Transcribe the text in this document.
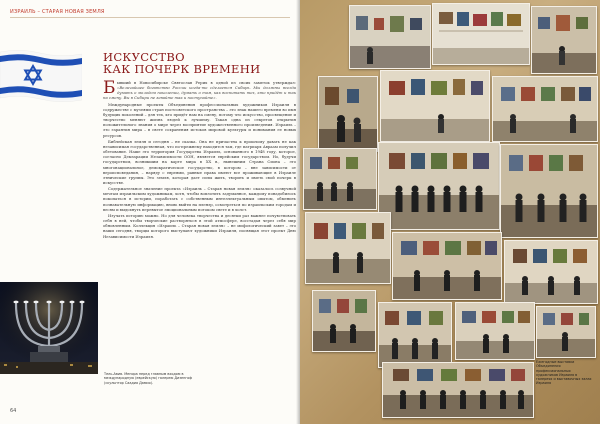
ИЗРАИЛЬ – СТАРАЯ НОВАЯ ЗЕМЛЯ
ИСКУССТВО
КАК ПОЧЕРК ВРЕМЕНИ

Бывший в Новосибирске Святослав Рерих в одной из своих заметок утверждал: «Величайшее богатство России когда-то сделается Сибирь. Мы должны всегда думать о молодом поколении, думать о том, как воспитать тех, кто придёт и так на смену. Вы в Сибири не зевайте так и поступайте».

Международные проекты Объединения профессиональных художников Израиля в содружестве с музеями стран постсоветского пространства – это знак нашего времени во имя будущих поколений – для тех, кто придёт нам на смену, потому что искусство, просвещение и творчество меняют жизнь людей к лучшему. Такая одна из секретов открытия положительного знания о мире через восприятие художественного произведения. Израиль – это гарантия мира – в свете сохранения истоков мировой культуры и понимания ее новых ресурсов.

Библейская земля и сегодня – не сказка. Она не причастна к прошлому давать не как независимая государственная, что по-прежнему находится там, где патриарх Авраам получил обетование. Наше это территория Государства Израиль, основанного в 1948 году, которое, согласно Декларации Независимости ООН, является еврейским государством. Но, будучи государством, возникшим на карте мира в XX в., нынешним Страна Сиона – это многонациональное, демократическое государство, в котором – вне зависимости от вероисповедания, – наряду с евреями, равные права имеют все проживающие в Израиле этнические группы. Это земля, которая дает силы жить, творить и иметь свой почерк в искусстве.

Содержательное значение проекта «Израиль – Старая новая земля» оказалось созвучной мечтам израильским художникам, хотя, чтобы воплотить задуманное, каждому понадобилось покопаться в истории, поработать с собственным интеллектуальным опытом, обменить познавательную информацию, вновь выйти на пленэр, осмотреться по израильским городам и весям и выдохнуть перевытое эмоциональным потоком свете и в холст.

Изучать историю можно. Но для человека творчества и десятки раз важнее почувствовать себя в ней, чтобы творческие растворяться в этой атмосфере, восстадая через себя мир обновленным. Коллекция «Израиль – Старая новая земля» – не мифологический завет – это наши сегодня, творцы которого выступают художники Израиля, посвящая этот проект Дню Независимости Израиля.

Тель-Авив. Менора перед главным входом в международную (еврейскую) галерею Дизенгоф (скульптор Саадиа Дамио).
64
Ежегодные выставки Объединения профессиональных художников Израиля в галереях и выставочных залах Израиля
